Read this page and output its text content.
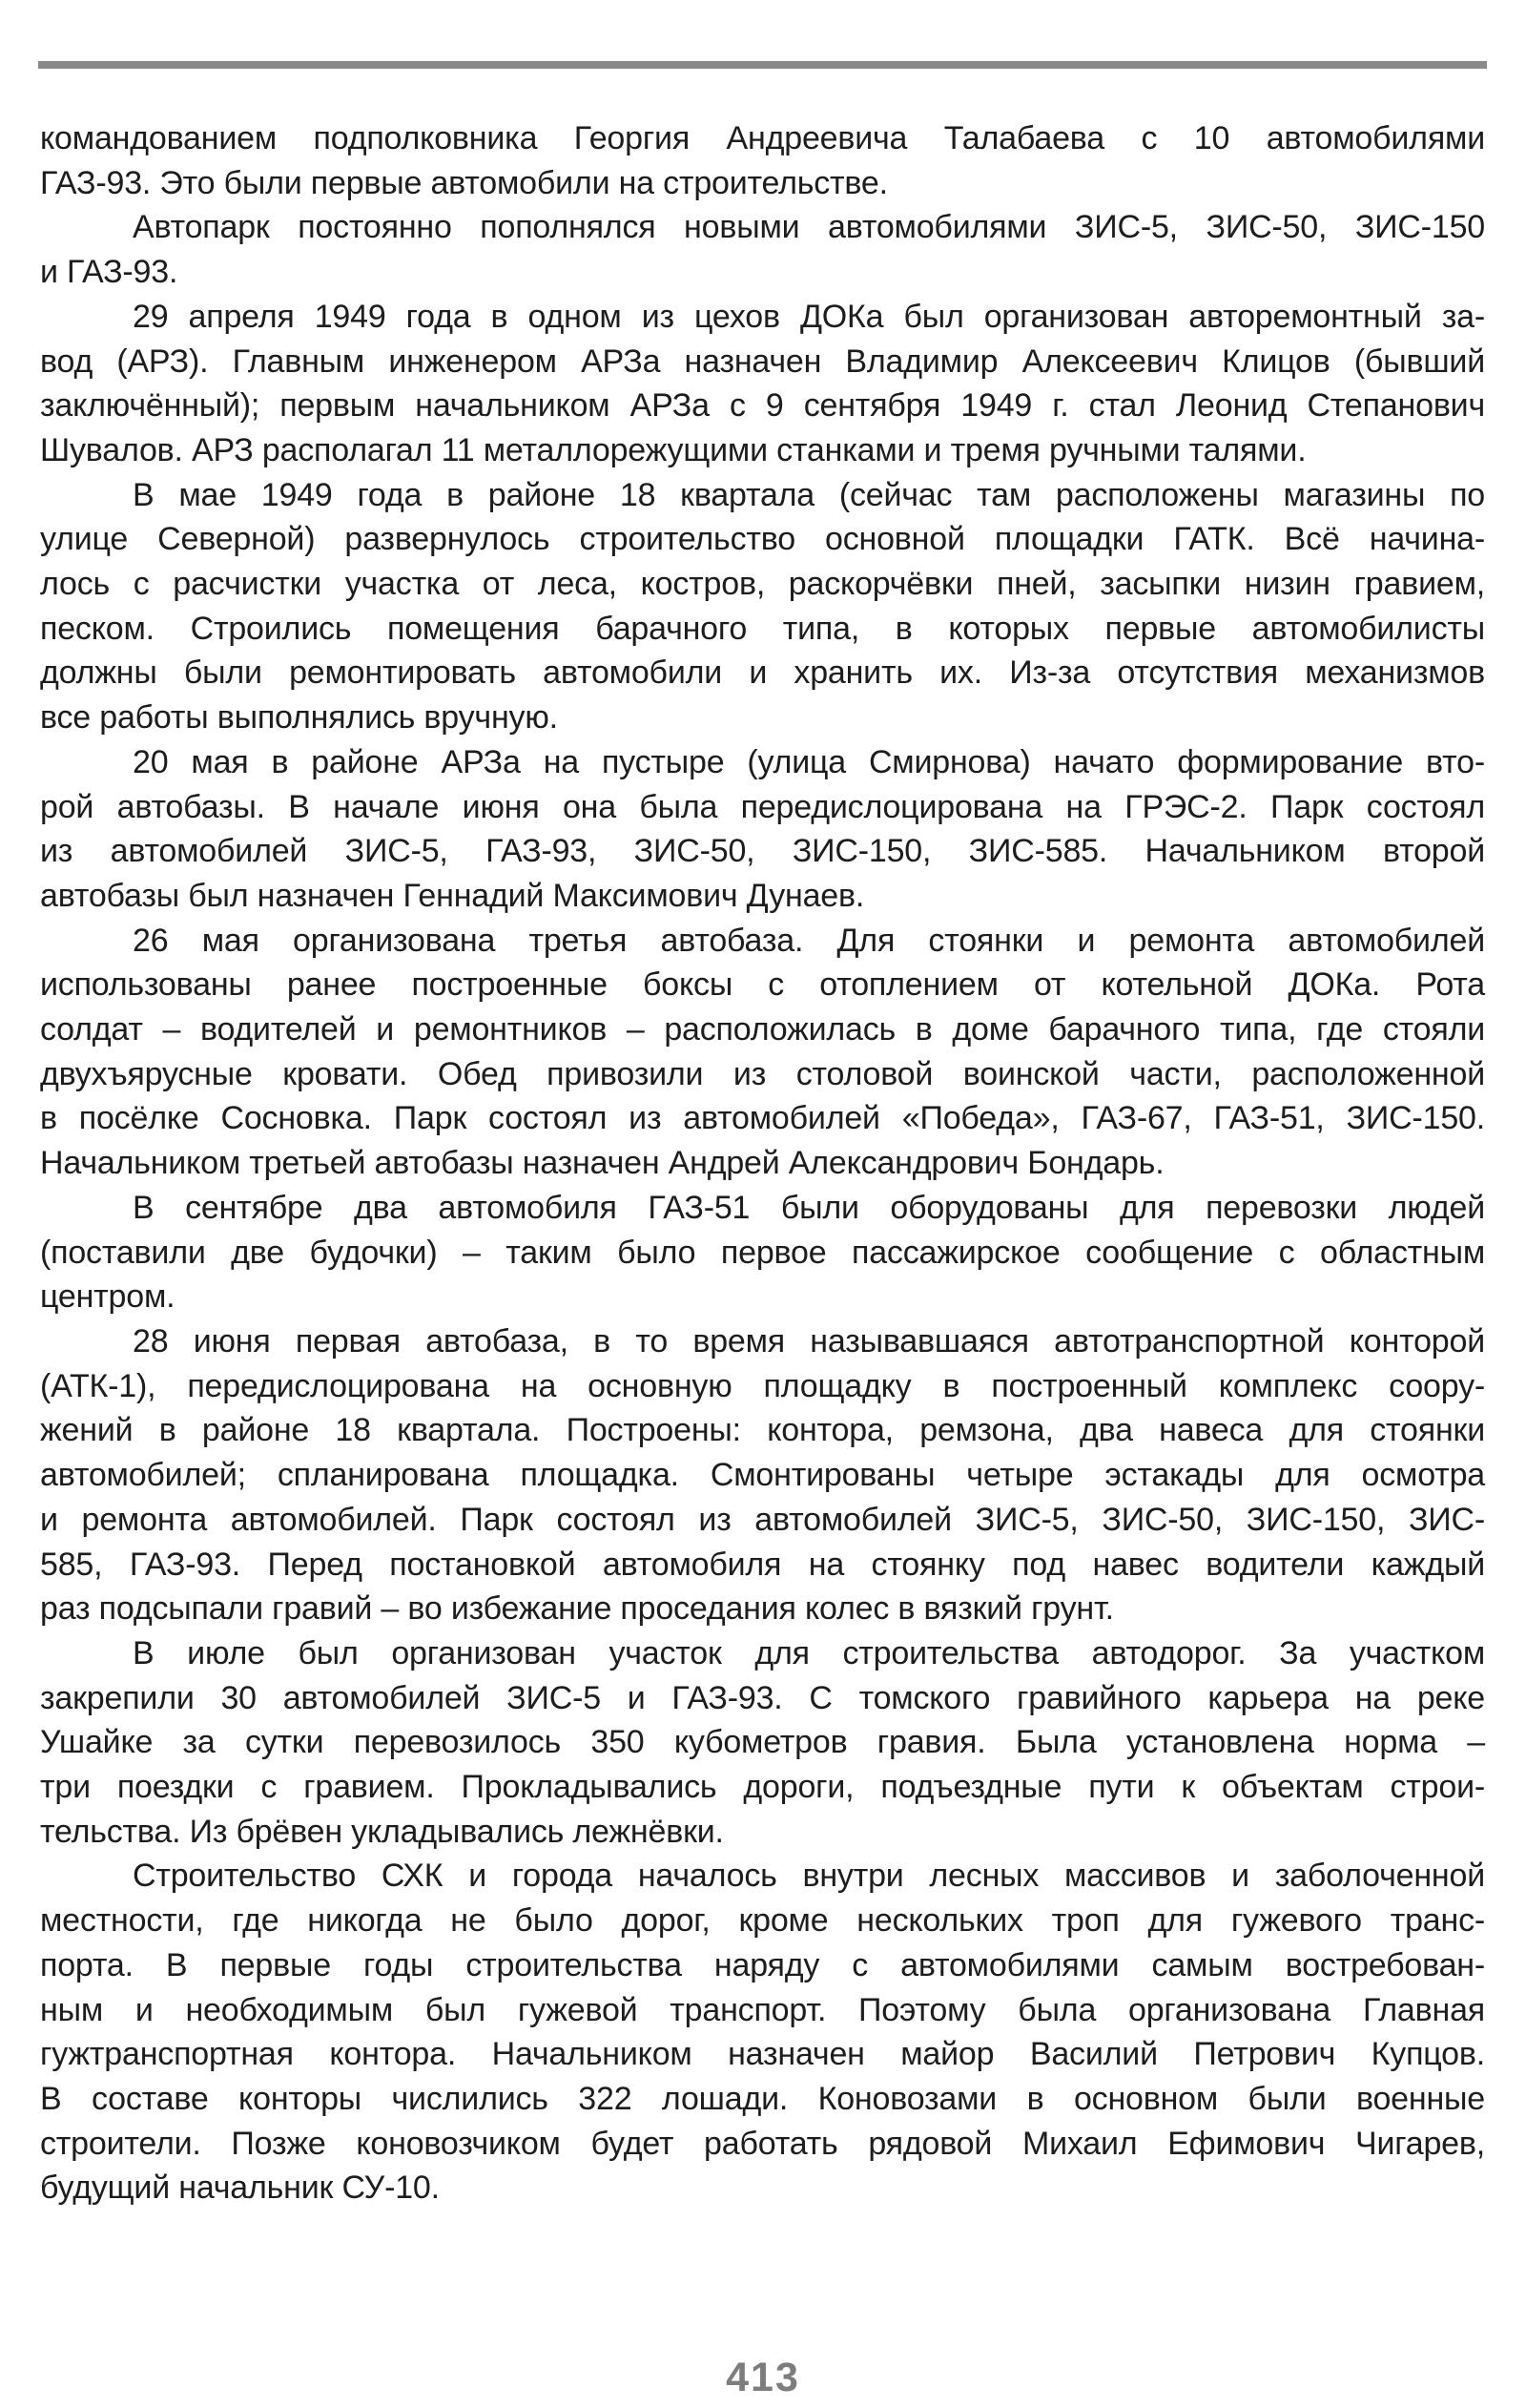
командованием подполковника Георгия Андреевича Талабаева с 10 автомобилями
ГАЗ-93. Это были первые автомобили на строительстве.
Автопарк постоянно пополнялся новыми автомобилями ЗИС-5, ЗИС-50, ЗИС-150
и ГАЗ-93.
29 апреля 1949 года в одном из цехов ДОКа был организован авторемонтный за-
вод (АРЗ). Главным инженером АРЗа назначен Владимир Алексеевич Клицов (бывший
заключённый); первым начальником АРЗа с 9 сентября 1949 г. стал Леонид Степанович
Шувалов. АРЗ располагал 11 металлорежущими станками и тремя ручными талями.
В мае 1949 года в районе 18 квартала (сейчас там расположены магазины по
улице Северной) развернулось строительство основной площадки ГАТК. Всё начина-
лось с расчистки участка от леса, костров, раскорчёвки пней, засыпки низин гравием,
песком. Строились помещения барачного типа, в которых первые автомобилисты
должны были ремонтировать автомобили и хранить их. Из-за отсутствия механизмов
все работы выполнялись вручную.
20 мая в районе АРЗа на пустыре (улица Смирнова) начато формирование вто-
рой автобазы. В начале июня она была передислоцирована на ГРЭС-2. Парк состоял
из автомобилей ЗИС-5, ГАЗ-93, ЗИС-50, ЗИС-150, ЗИС-585. Начальником второй
автобазы был назначен Геннадий Максимович Дунаев.
26 мая организована третья автобаза. Для стоянки и ремонта автомобилей
использованы ранее построенные боксы с отоплением от котельной ДОКа. Рота
солдат – водителей и ремонтников – расположилась в доме барачного типа, где стояли
двухъярусные кровати. Обед привозили из столовой воинской части, расположенной
в посёлке Сосновка. Парк состоял из автомобилей «Победа», ГАЗ-67, ГАЗ-51, ЗИС-150.
Начальником третьей автобазы назначен Андрей Александрович Бондарь.
В сентябре два автомобиля ГАЗ-51 были оборудованы для перевозки людей
(поставили две будочки) – таким было первое пассажирское сообщение с областным
центром.
28 июня первая автобаза, в то время называвшаяся автотранспортной конторой
(АТК-1), передислоцирована на основную площадку в построенный комплекс соору-
жений в районе 18 квартала. Построены: контора, ремзона, два навеса для стоянки
автомобилей; спланирована площадка. Смонтированы четыре эстакады для осмотра
и ремонта автомобилей. Парк состоял из автомобилей ЗИС-5, ЗИС-50, ЗИС-150, ЗИС-
585, ГАЗ-93. Перед постановкой автомобиля на стоянку под навес водители каждый
раз подсыпали гравий – во избежание проседания колес в вязкий грунт.
В июле был организован участок для строительства автодорог. За участком
закрепили 30 автомобилей ЗИС-5 и ГАЗ-93. С томского гравийного карьера на реке
Ушайке за сутки перевозилось 350 кубометров гравия. Была установлена норма –
три поездки с гравием. Прокладывались дороги, подъездные пути к объектам строи-
тельства. Из брёвен укладывались лежнёвки.
Строительство СХК и города началось внутри лесных массивов и заболоченной
местности, где никогда не было дорог, кроме нескольких троп для гужевого транс-
порта. В первые годы строительства наряду с автомобилями самым востребован-
ным и необходимым был гужевой транспорт. Поэтому была организована Главная
гужтранспортная контора. Начальником назначен майор Василий Петрович Купцов.
В составе конторы числились 322 лошади. Коновозами в основном были военные
строители. Позже коновозчиком будет работать рядовой Михаил Ефимович Чигарев,
будущий начальник СУ-10.
413
